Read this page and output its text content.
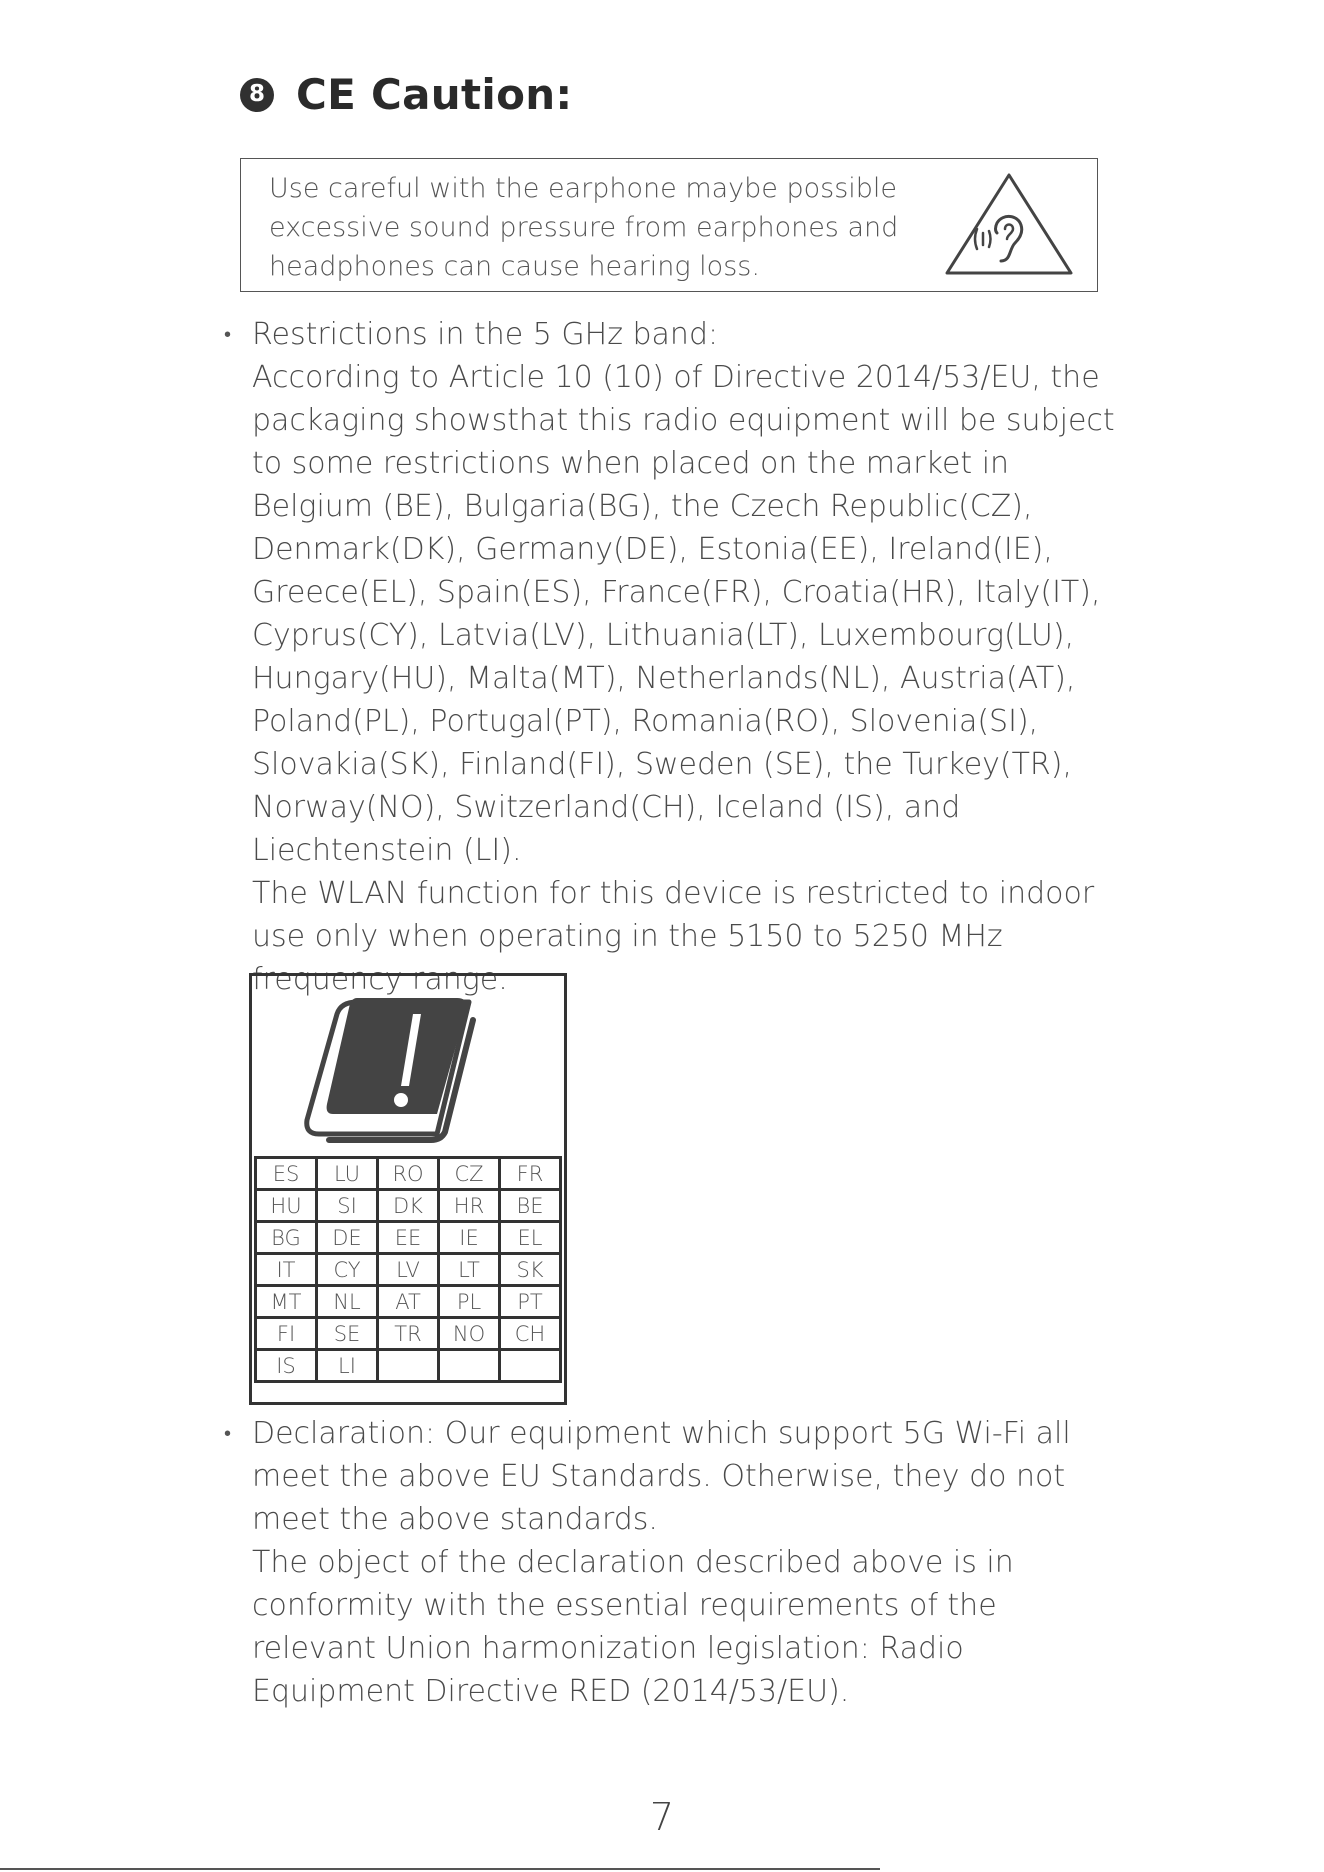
8 CE Caution:

Use careful with the earphone maybe possible
excessive sound pressure from earphones and
headphones can cause hearing loss.

• Restrictions in the 5 GHz band:

According to Article 10 (10) of Directive 2014/53/EU, the packaging showsthat this radio equipment will be subject to some restrictions when placed on the market in Belgium (BE), Bulgaria(BG), the Czech Republic(CZ), Denmark(DK), Germany(DE), Estonia(EE), Ireland(IE), Greece(EL), Spain(ES), France(FR), Croatia(HR), Italy(IT), Cyprus(CY), Latvia(LV), Lithuania(LT), Luxembourg(LU), Hungary(HU), Malta(MT), Netherlands(NL), Austria(AT), Poland(PL), Portugal(PT), Romania(RO), Slovenia(SI), Slovakia(SK), Finland(FI), Sweden (SE), the Turkey(TR), Norway(NO), Switzerland(CH), Iceland (IS), and Liechtenstein (LI).

The WLAN function for this device is restricted to indoor use only when operating in the 5150 to 5250 MHz frequency range.

ES	LU	RO	CZ	FR
HU	SI	DK	HR	BE
BG	DE	EE	IE	EL
IT	CY	LV	LT	SK
MT	NL	AT	PL	PT
FI	SE	TR	NO	CH
IS	LI			
• Declaration: Our equipment which support 5G Wi-Fi all meet the above EU Standards. Otherwise, they do not meet the above standards.

The object of the declaration described above is in conformity with the essential requirements of the relevant Union harmonization legislation: Radio Equipment Directive RED (2014/53/EU).

7
